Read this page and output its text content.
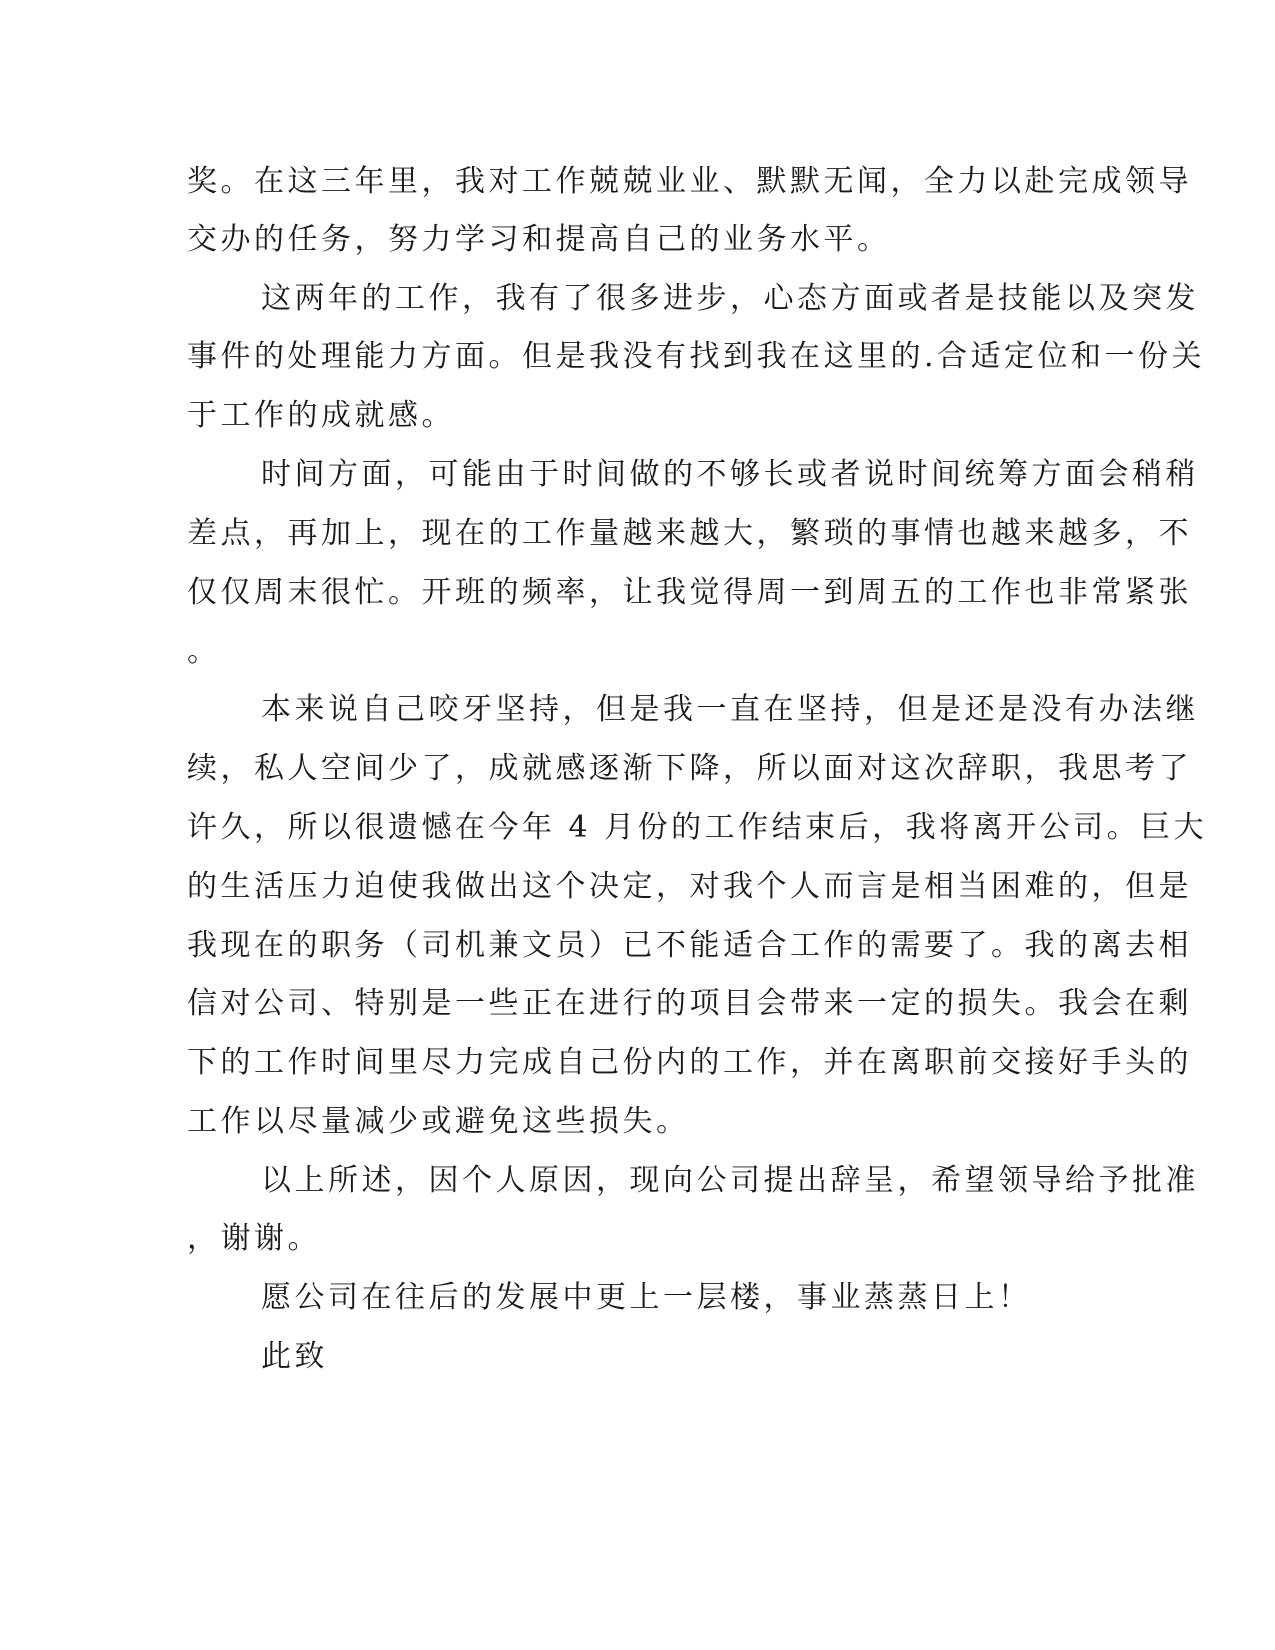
奖。在这三年里，我对工作兢兢业业、默默无闻，全力以赴完成领导
交办的任务，努力学习和提高自己的业务水平。
这两年的工作，我有了很多进步，心态方面或者是技能以及突发
事件的处理能力方面。但是我没有找到我在这里的.合适定位和一份关
于工作的成就感。
时间方面，可能由于时间做的不够长或者说时间统筹方面会稍稍
差点，再加上，现在的工作量越来越大，繁琐的事情也越来越多，不
仅仅周末很忙。开班的频率，让我觉得周一到周五的工作也非常紧张
。
本来说自己咬牙坚持，但是我一直在坚持，但是还是没有办法继
续，私人空间少了，成就感逐渐下降，所以面对这次辞职，我思考了
许久，所以很遗憾在今年 4 月份的工作结束后，我将离开公司。巨大
的生活压力迫使我做出这个决定，对我个人而言是相当困难的，但是
我现在的职务（司机兼文员）已不能适合工作的需要了。我的离去相
信对公司、特别是一些正在进行的项目会带来一定的损失。我会在剩
下的工作时间里尽力完成自己份内的工作，并在离职前交接好手头的
工作以尽量减少或避免这些损失。
以上所述，因个人原因，现向公司提出辞呈，希望领导给予批准
，谢谢。
愿公司在往后的发展中更上一层楼，事业蒸蒸日上！
此致
